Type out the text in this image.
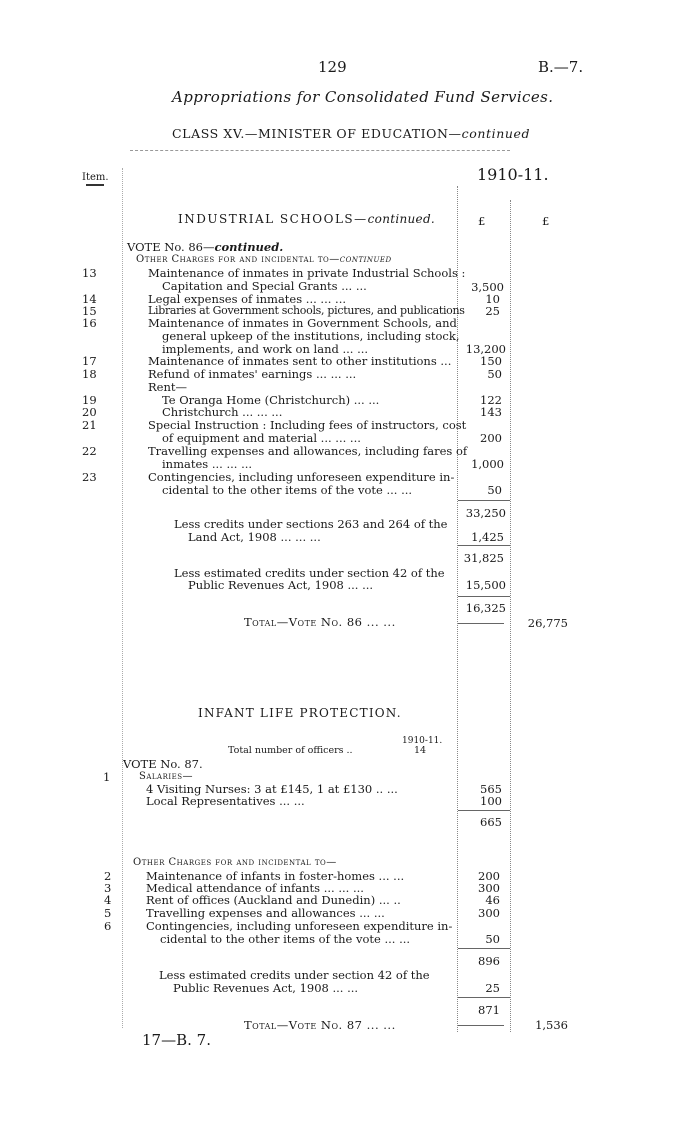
129	B.—7.
Appropriations for Consolidated Fund Services.
CLASS XV.—MINISTER OF EDUCATION—continued
Item.	1910-11.
INDUSTRIAL SCHOOLS—continued.	£	£
VOTE No. 86—continued.
Other Charges for and incidental to—continued
13	Maintenance of inmates in private Industrial Schools :
Capitation and Special Grants ... ...	3,500
14	Legal expenses of inmates ... ... ...	10
15	Libraries at Government schools, pictures, and publications	25
16	Maintenance of inmates in Government Schools, and
general upkeep of the institutions, including stock,
implements, and work on land ... ...	13,200
17	Maintenance of inmates sent to other institutions ...	150
18	Refund of inmates' earnings ... ... ...	50
Rent—
19	Te Oranga Home (Christchurch) ... ...	122
20	Christchurch ... ... ...	143
21	Special Instruction : Including fees of instructors, cost
of equipment and material ... ... ...	200
22	Travelling expenses and allowances, including fares of
inmates ... ... ...	1,000
23	Contingencies, including unforeseen expenditure in-
cidental to the other items of the vote ... ...	50
33,250
Less credits under sections 263 and 264 of the
Land Act, 1908 ... ... ...	1,425
31,825
Less estimated credits under section 42 of the
Public Revenues Act, 1908 ... ...	15,500
16,325
Total—Vote No. 86 ... ...	26,775
INFANT LIFE PROTECTION.
1910-11.
Total number of officers ..	14
VOTE No. 87.
1	Salaries—
4 Visiting Nurses: 3 at £145, 1 at £130 .. ...	565
Local Representatives ... ...	100
665
Other Charges for and incidental to—
2	Maintenance of infants in foster-homes ... ...	200
3	Medical attendance of infants ... ... ...	300
4	Rent of offices (Auckland and Dunedin) ... ..	46
5	Travelling expenses and allowances ... ...	300
6	Contingencies, including unforeseen expenditure in-
cidental to the other items of the vote ... ...	50
896
Less estimated credits under section 42 of the
Public Revenues Act, 1908 ... ...	25
871
Total—Vote No. 87 ... ...	1,536
17—B. 7.
